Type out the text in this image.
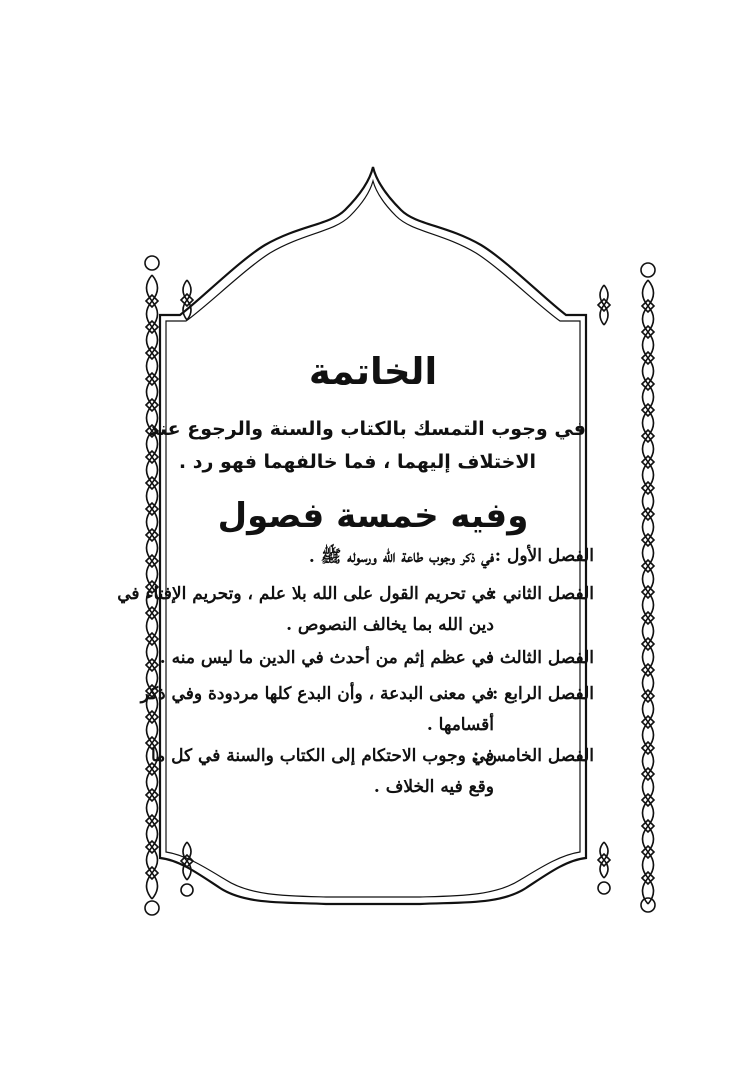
الخاتمة
في وجوب التمسك بالكتاب والسنة والرجوع عند
الاختلاف إليهما ، فما خالفهما فهو رد .
وفيه خمسة فصول
الفصل الأول :
في ذكر وجوب طاعة الله ورسوله ﷺ .
الفصل الثاني :
في تحريم القول على الله بلا علم ، وتحريم الإفتاء في
دين الله بما يخالف النصوص .
الفصل الثالث :
في عظم إثم من أحدث في الدين ما ليس منه .
الفصل الرابع :
في معنى البدعة ، وأن البدع كلها مردودة وفي ذكر
أقسامها .
الفصل الخامس :
في وجوب الاحتكام إلى الكتاب والسنة في كل ما
وقع فيه الخلاف .
